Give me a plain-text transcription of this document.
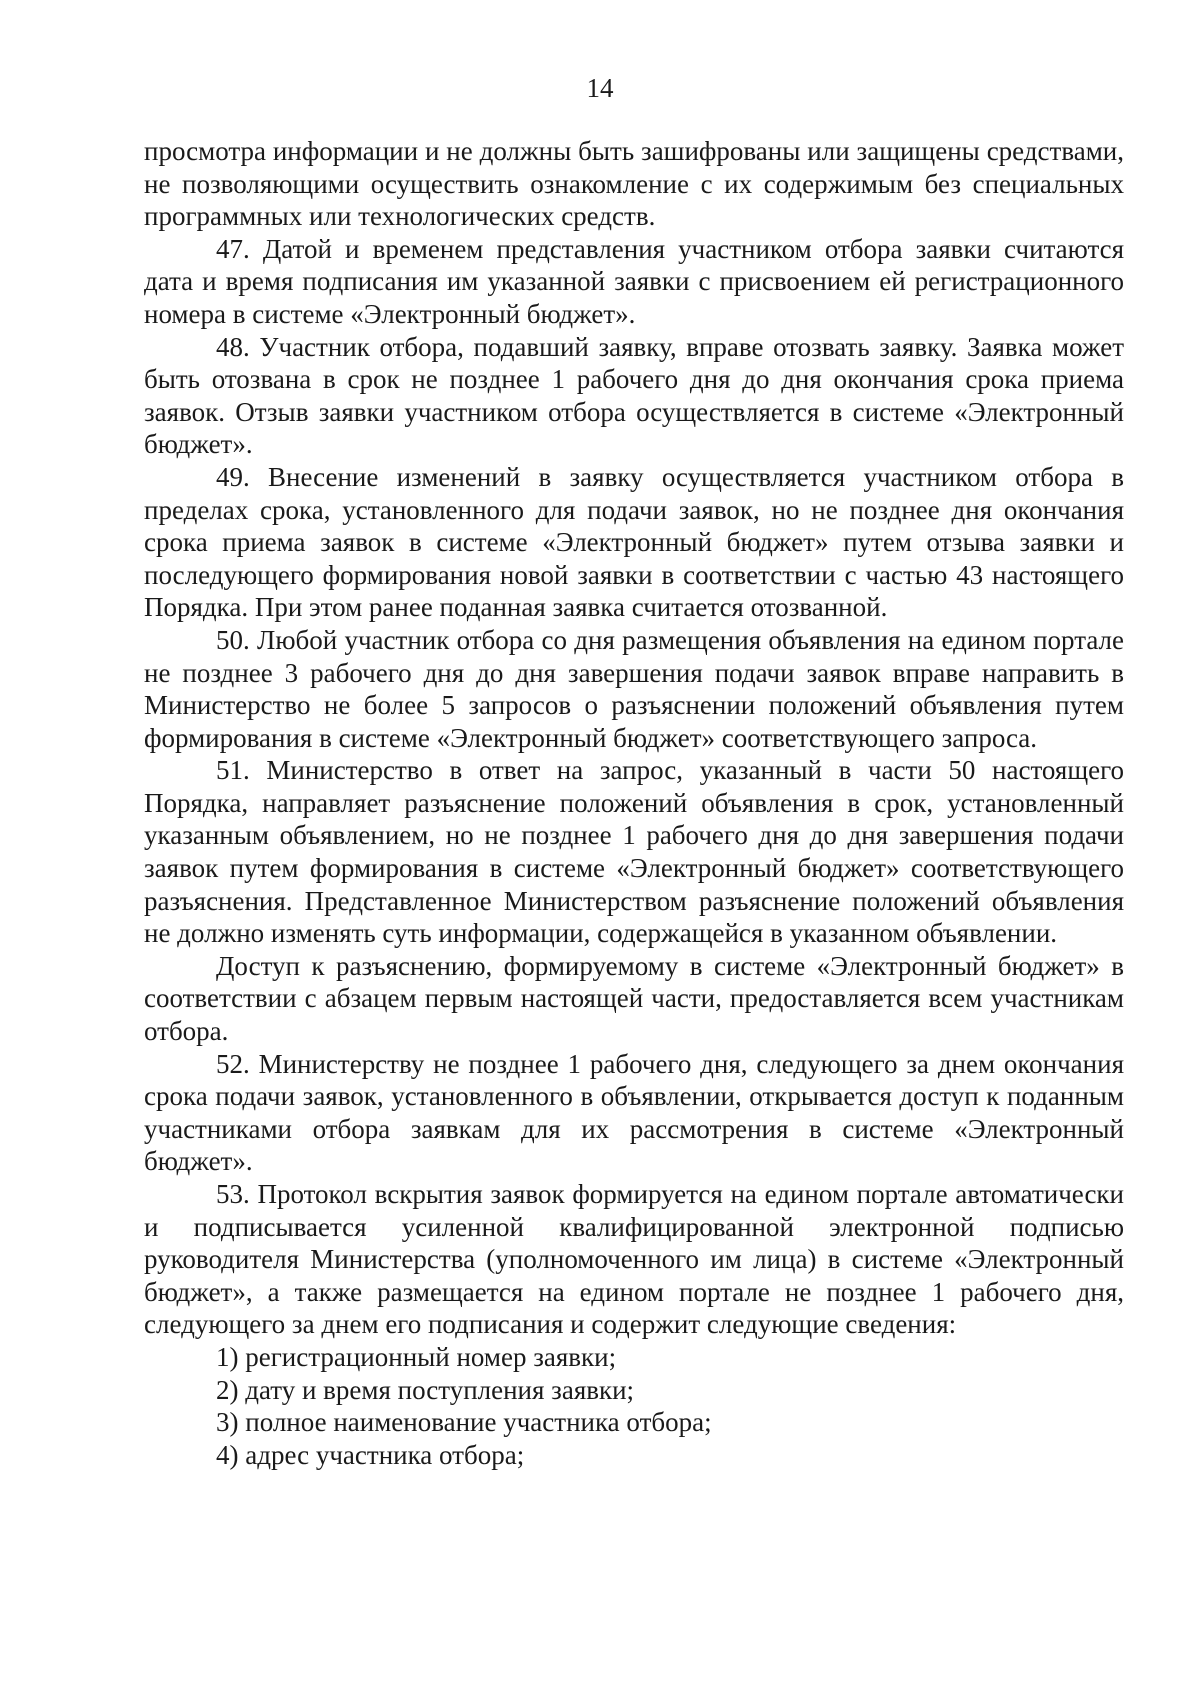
14

просмотра информации и не должны быть зашифрованы или защищены средствами, не позволяющими осуществить ознакомление с их содержимым без специальных программных или технологических средств.

47. Датой и временем представления участником отбора заявки считаются дата и время подписания им указанной заявки с присвоением ей регистрационного номера в системе «Электронный бюджет».

48. Участник отбора, подавший заявку, вправе отозвать заявку. Заявка может быть отозвана в срок не позднее 1 рабочего дня до дня окончания срока приема заявок. Отзыв заявки участником отбора осуществляется в системе «Электронный бюджет».

49. Внесение изменений в заявку осуществляется участником отбора в пределах срока, установленного для подачи заявок, но не позднее дня окончания срока приема заявок в системе «Электронный бюджет» путем отзыва заявки и последующего формирования новой заявки в соответствии с частью 43 настоящего Порядка. При этом ранее поданная заявка считается отозванной.

50. Любой участник отбора со дня размещения объявления на едином портале не позднее 3 рабочего дня до дня завершения подачи заявок вправе направить в Министерство не более 5 запросов о разъяснении положений объявления путем формирования в системе «Электронный бюджет» соответствующего запроса.

51. Министерство в ответ на запрос, указанный в части 50 настоящего Порядка, направляет разъяснение положений объявления в срок, установленный указанным объявлением, но не позднее 1 рабочего дня до дня завершения подачи заявок путем формирования в системе «Электронный бюджет» соответствующего разъяснения. Представленное Министерством разъяснение положений объявления не должно изменять суть информации, содержащейся в указанном объявлении.

Доступ к разъяснению, формируемому в системе «Электронный бюджет» в соответствии с абзацем первым настоящей части, предоставляется всем участникам отбора.

52. Министерству не позднее 1 рабочего дня, следующего за днем окончания срока подачи заявок, установленного в объявлении, открывается доступ к поданным участниками отбора заявкам для их рассмотрения в системе «Электронный бюджет».

53. Протокол вскрытия заявок формируется на едином портале автоматически и подписывается усиленной квалифицированной электронной подписью руководителя Министерства (уполномоченного им лица) в системе «Электронный бюджет», а также размещается на едином портале не позднее 1 рабочего дня, следующего за днем его подписания и содержит следующие сведения:

1) регистрационный номер заявки;

2) дату и время поступления заявки;

3) полное наименование участника отбора;

4) адрес участника отбора;
